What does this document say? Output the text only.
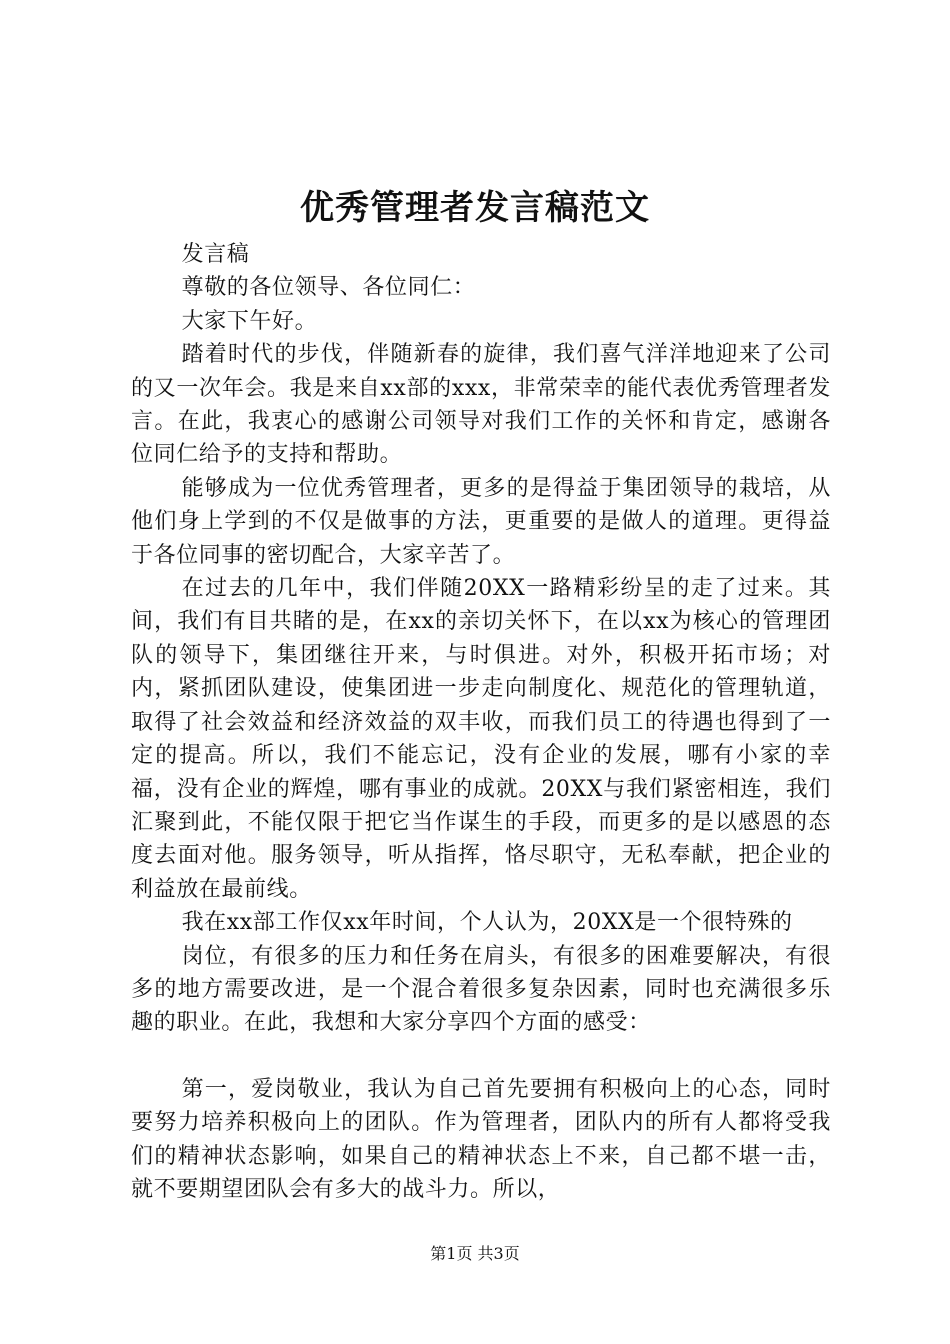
优秀管理者发言稿范文

发言稿

尊敬的各位领导、各位同仁：

大家下午好。

踏着时代的步伐，伴随新春的旋律，我们喜气洋洋地迎来了公司的又一次年会。我是来自xx部的xxx，非常荣幸的能代表优秀管理者发言。在此，我衷心的感谢公司领导对我们工作的关怀和肯定，感谢各位同仁给予的支持和帮助。

能够成为一位优秀管理者，更多的是得益于集团领导的栽培，从他们身上学到的不仅是做事的方法，更重要的是做人的道理。更得益于各位同事的密切配合，大家辛苦了。

在过去的几年中，我们伴随20XX一路精彩纷呈的走了过来。其间，我们有目共睹的是，在xx的亲切关怀下，在以xx为核心的管理团队的领导下，集团继往开来，与时俱进。对外，积极开拓市场；对内，紧抓团队建设，使集团进一步走向制度化、规范化的管理轨道，取得了社会效益和经济效益的双丰收，而我们员工的待遇也得到了一定的提高。所以，我们不能忘记，没有企业的发展，哪有小家的幸福，没有企业的辉煌，哪有事业的成就。20XX与我们紧密相连，我们汇聚到此，不能仅限于把它当作谋生的手段，而更多的是以感恩的态度去面对他。服务领导，听从指挥，恪尽职守，无私奉献，把企业的利益放在最前线。

我在xx部工作仅xx年时间，个人认为，20XX是一个很特殊的

岗位，有很多的压力和任务在肩头，有很多的困难要解决，有很多的地方需要改进，是一个混合着很多复杂因素，同时也充满很多乐趣的职业。在此，我想和大家分享四个方面的感受：

第一，爱岗敬业，我认为自己首先要拥有积极向上的心态，同时要努力培养积极向上的团队。作为管理者，团队内的所有人都将受我们的精神状态影响，如果自己的精神状态上不来，自己都不堪一击，就不要期望团队会有多大的战斗力。所以，

第1页 共3页
